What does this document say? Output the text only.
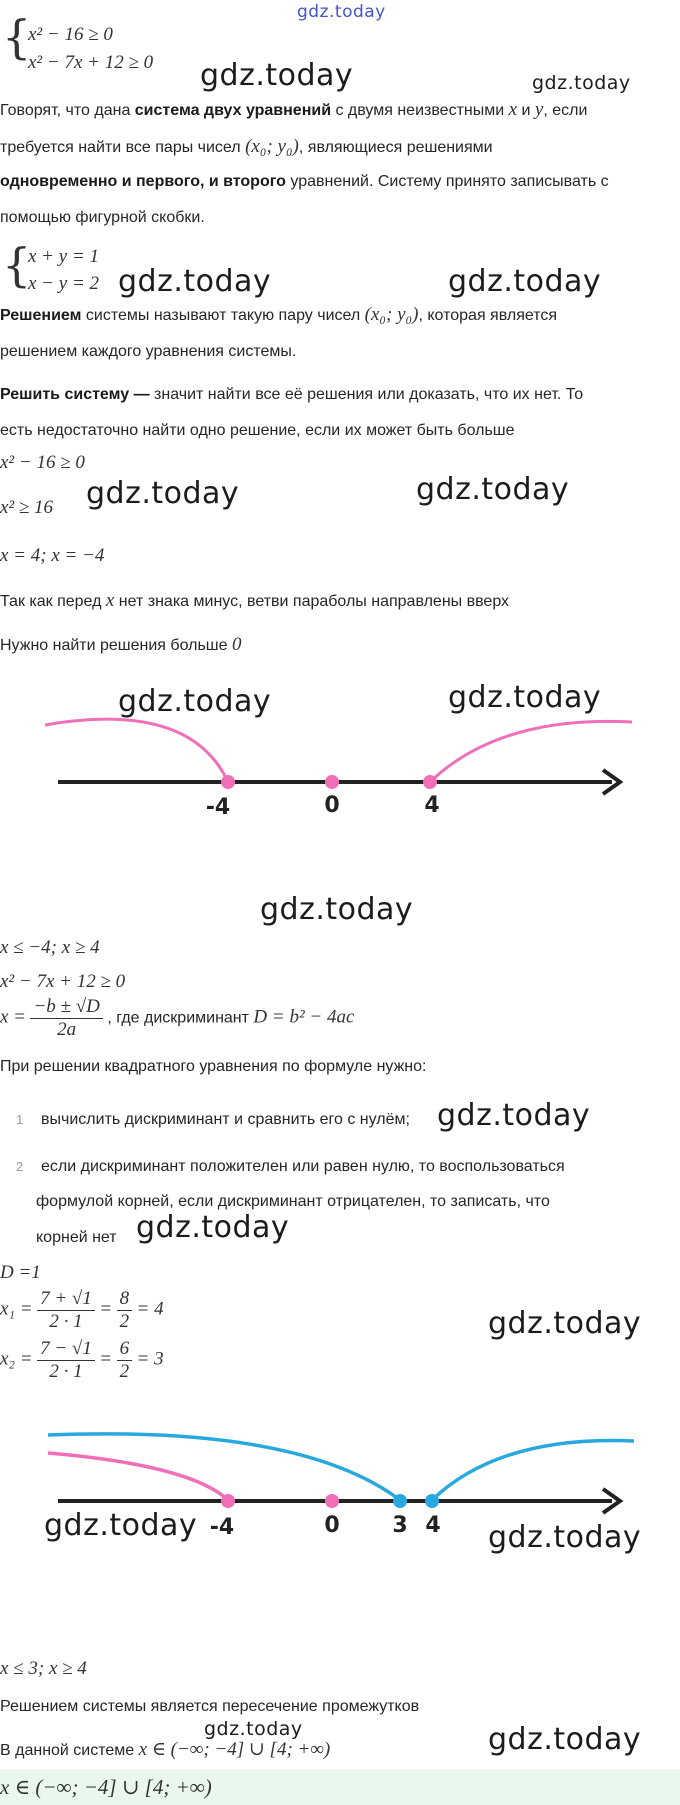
gdz.today
{
x² − 16 ≥ 0
x² − 7x + 12 ≥ 0 gdz.today	gdz.today
Говорят, что дана система двух уравнений с двумя неизвестными x и y, если
требуется найти все пары чисел (x₀; y₀), являющиеся решениями
одновременно и первого, и второго уравнений. Системy принято записывать с
помощью фигурной скобки.
{
x + y = 1
x − y = 2 gdz.today	gdz.today
Решением системы называют такую пару чисел (x₀; y₀), которая является
решением каждого уравнения системы.
Решить систему — значит найти все её решения или доказать, что их нет. То
есть недостаточно найти одно решение, если их может быть больше
x² − 16 ≥ 0
x² ≥ 16 gdz.today	gdz.today
x = 4; x = −4
Так как перед x нет знака минус, ветви параболы направлены вверх
Нужно найти решения больше 0
-4	0	4
gdz.today	gdz.today
gdz.today
x ≤ −4; x ≥ 4
x² − 7x + 12 ≥ 0
$x = \frac{-b \pm √D}{2a}$ , где дискриминант D = b² − 4ac
При решении квадратного уравнения по формуле нужно:
1 вычислить дискриминант и сравнить его с нулём; gdz.today
2 если дискриминант положителен или равен нулю, то воспользоваться
формулой корней, если дискриминант отрицателен, то записать, что
корней нет gdz.today
D =1
$x_1 = \frac{7 + √1}{2 \cdot 1} = \frac{8}{2} = 4$
$x_2 = \frac{7 - √1}{2 \cdot 1} = \frac{6}{2} = 3$
gdz.today
-4	0 3 4
gdz.today	gdz.today
x ≤ 3; x ≥ 4
Решением системы является пересечение промежутков
gdz.today
В данной системе x ∈ (−∞; −4] ∪ [4; +∞)	gdz.today
x ∈ (−∞; −4] ∪ [4; +∞)
